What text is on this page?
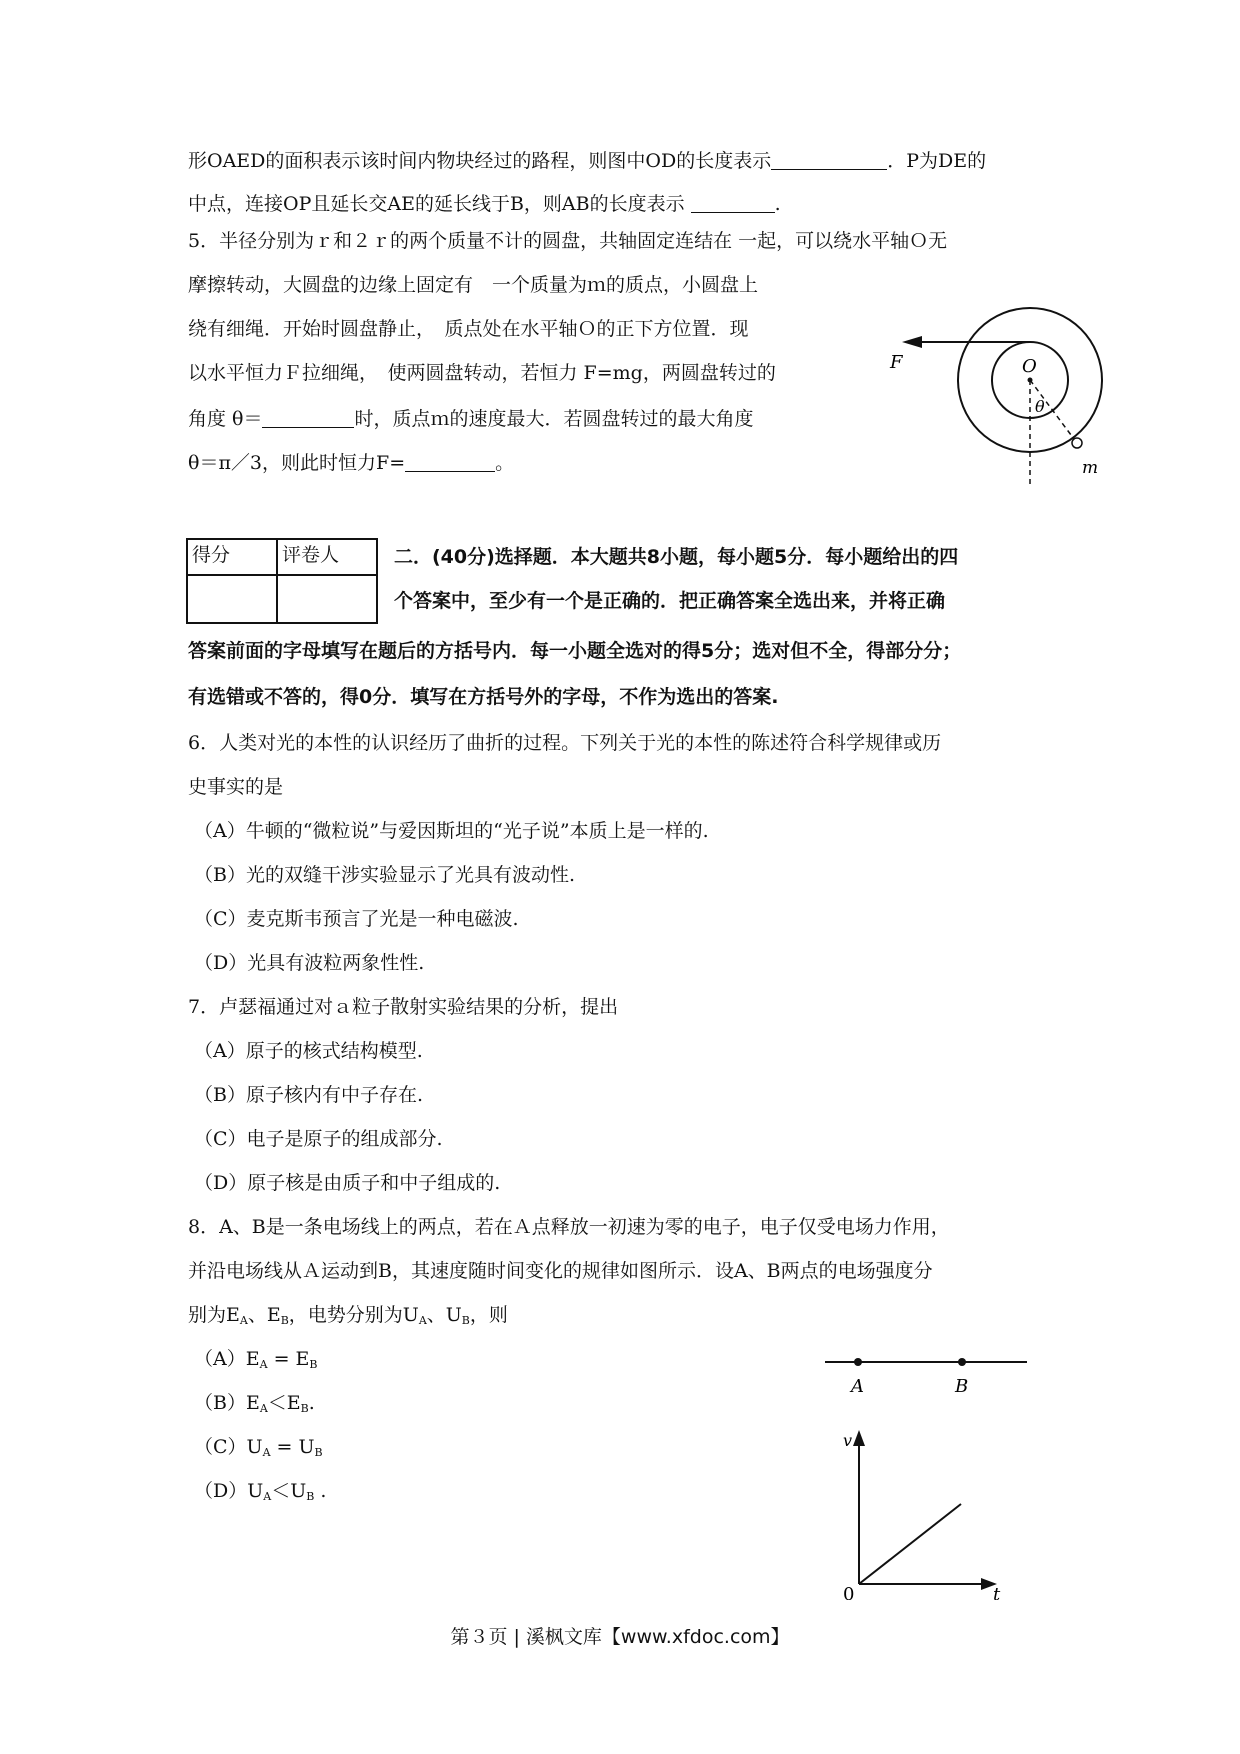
形OAED的面积表示该时间内物块经过的路程，则图中OD的长度表示	．P为DE的
中点，连接OP且延长交AE的延长线于B，则AB的长度表示	.
5．半径分别为ｒ和２ｒ的两个质量不计的圆盘，共轴固定连结在 一起，可以绕水平轴Ｏ无
摩擦转动，大圆盘的边缘上固定有　一个质量为ｍ的质点，小圆盘上
绕有细绳．开始时圆盘静止，　质点处在水平轴Ｏ的正下方位置．现
以水平恒力Ｆ拉细绳，　使两圆盘转动，若恒力 F=mg，两圆盘转过的
角度 θ＝	时，质点ｍ的速度最大．若圆盘转过的最大角度
θ＝π／3，则此时恒力F=	。
F	O
θ
m
得分	评卷人
		二．(40分)选择题．本大题共8小题，每小题5分．每小题给出的四
个答案中，至少有一个是正确的．把正确答案全选出来，并将正确
答案前面的字母填写在题后的方括号内．每一小题全选对的得5分；选对但不全，得部分分；
有选错或不答的，得0分．填写在方括号外的字母，不作为选出的答案.
6．人类对光的本性的认识经历了曲折的过程。下列关于光的本性的陈述符合科学规律或历
史事实的是
（A）牛顿的“微粒说”与爱因斯坦的“光子说”本质上是一样的.
（B）光的双缝干涉实验显示了光具有波动性.
（C）麦克斯韦预言了光是一种电磁波.
（D）光具有波粒两象性性.
7．卢瑟福通过对ａ粒子散射实验结果的分析，提出
（A）原子的核式结构模型.
（B）原子核内有中子存在.
（C）电子是原子的组成部分.
（D）原子核是由质子和中子组成的.
8．A、B是一条电场线上的两点，若在Ａ点释放一初速为零的电子，电子仅受电场力作用，
并沿电场线从Ａ运动到B，其速度随时间变化的规律如图所示．设A、B两点的电场强度分
别为$E_A$、$E_B$，电势分别为$U_A$、$U_B$，则
$(A)E_A = E_B$
$(B)E_A<E_B$.
$(C)U_A = U_B$
$(D)U_A<U_B$ .
A	B
v
t
0
第３页 | 溪枫文库【www.xfdoc.com】
